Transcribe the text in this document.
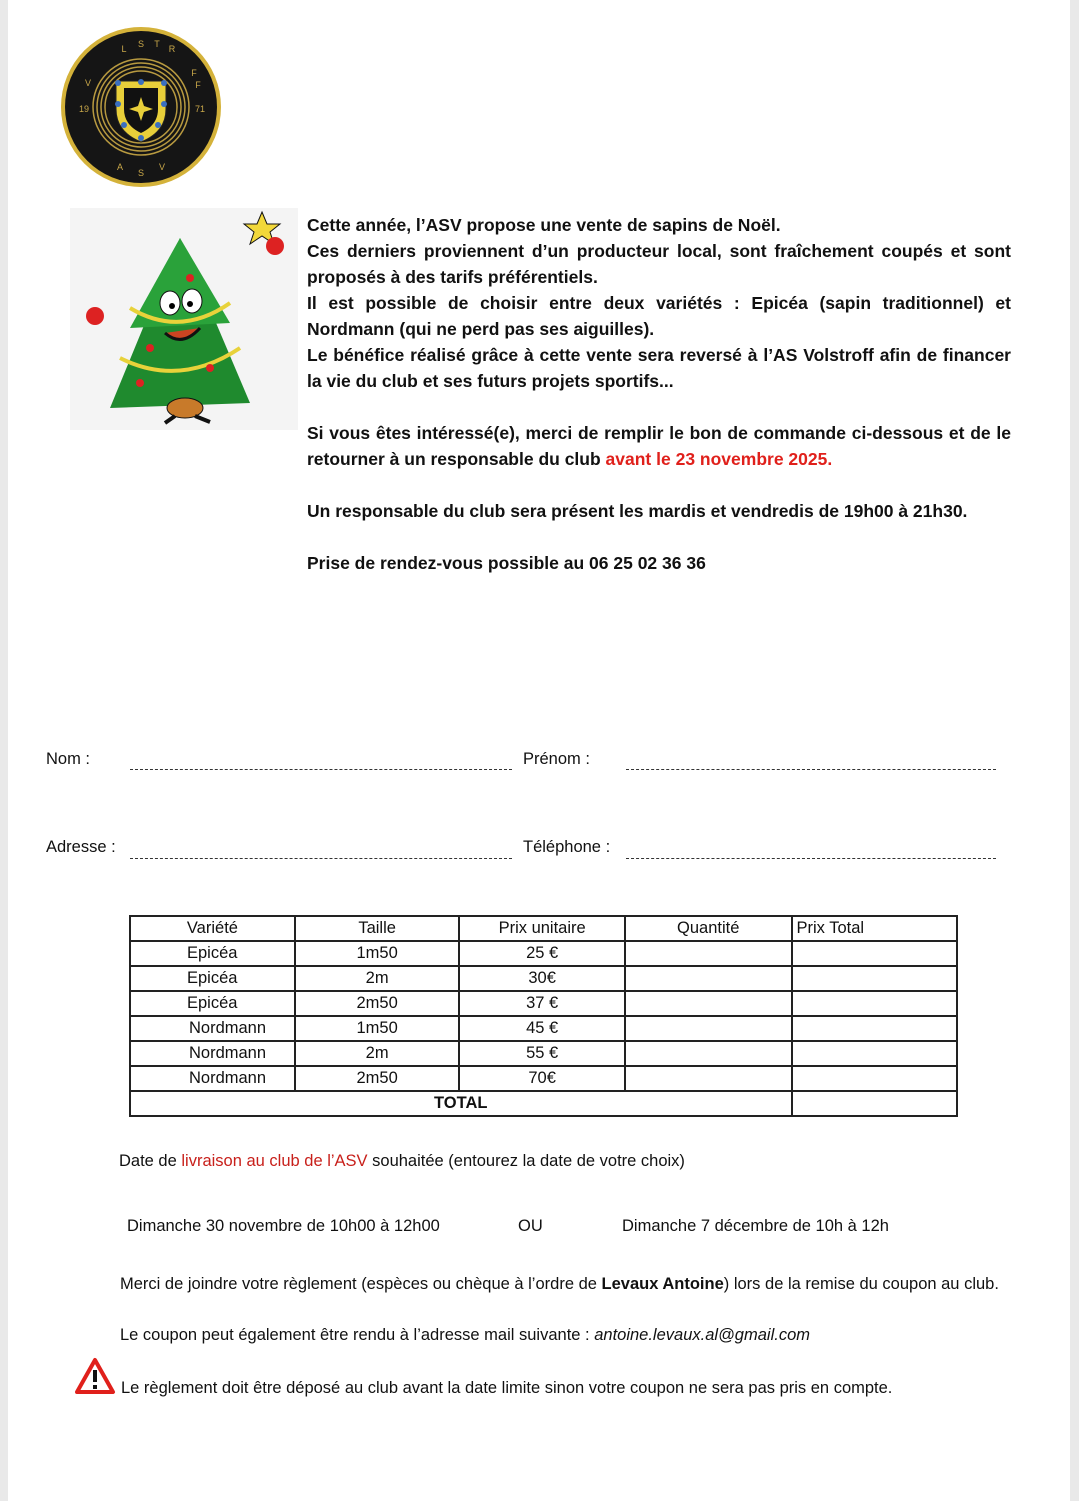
L S T R
V
F
F
19	71
A
S
V

Cette année, l’ASV propose une vente de sapins de Noël.

Ces derniers proviennent d’un producteur local, sont fraîchement coupés et sont proposés à des tarifs préférentiels.

Il est possible de choisir entre deux variétés : Epicéa (sapin traditionnel) et Nordmann (qui ne perd pas ses aiguilles).

Le bénéfice réalisé grâce à cette vente sera reversé à l’AS Volstroff afin de financer la vie du club et ses futurs projets sportifs...

Si vous êtes intéressé(e), merci de remplir le bon de commande ci-dessous et de le retourner à un responsable du club avant le 23 novembre 2025.

Un responsable du club sera présent les mardis et vendredis de 19h00 à 21h30.

Prise de rendez-vous possible au 06 25 02 36 36

Nom :	Prénom :
Adresse :	Téléphone :
Variété	Taille	Prix unitaire	Quantité	Prix Total
Epicéa	1m50	25 €		
Epicéa	2m	30€		
Epicéa	2m50	37 €		
Nordmann	1m50	45 €		
Nordmann	2m	55 €		
Nordmann	2m50	70€		
TOTAL				
Date de livraison au club de l’ASV souhaitée (entourez la date de votre choix)
Dimanche 30 novembre de 10h00 à 12h00	OU	Dimanche 7 décembre de 10h à 12h
Merci de joindre votre règlement (espèces ou chèque à l’ordre de Levaux Antoine) lors de la remise du coupon au club.
Le coupon peut également être rendu à l’adresse mail suivante : antoine.levaux.al@gmail.com
Le règlement doit être déposé au club avant la date limite sinon votre coupon ne sera pas pris en compte.
